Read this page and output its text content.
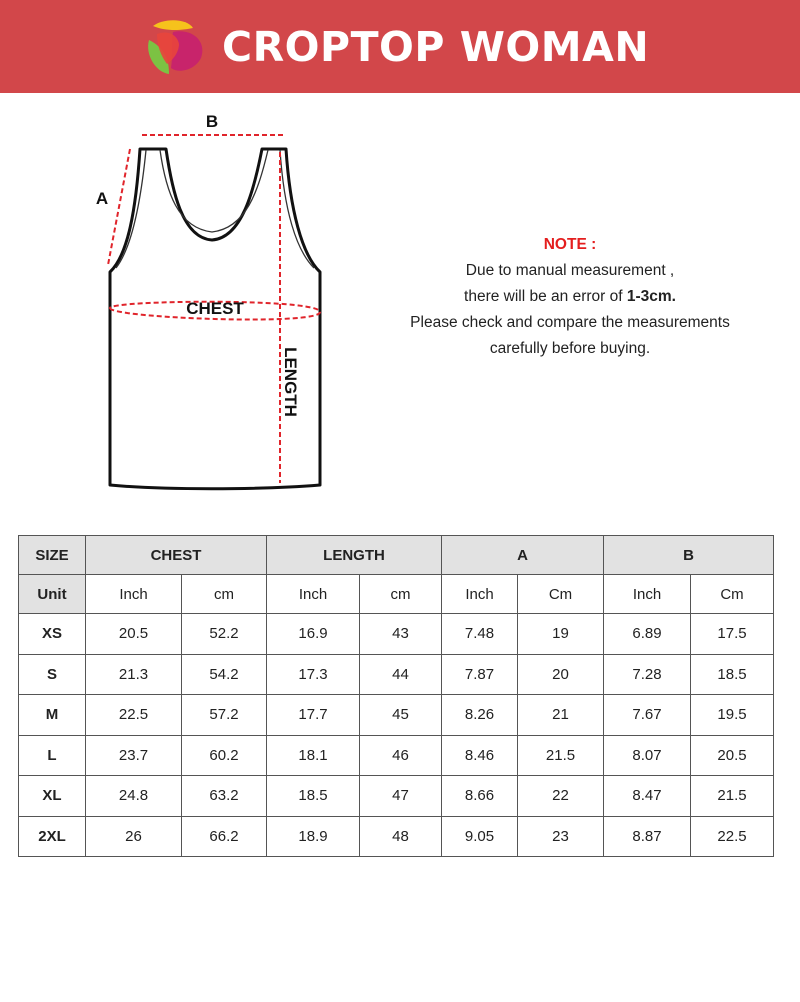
CROPTOP WOMAN
B
A
CHEST
LENGTH
NOTE :
Due to manual measurement ,
there will be an error of 1-3cm.
Please check and compare the measurements
carefully before buying.
SIZE	CHEST		LENGTH		A		B	
Unit	Inch	cm	Inch	cm	Inch	Cm	Inch	Cm
XS	20.5	52.2	16.9	43	7.48	19	6.89	17.5
S	21.3	54.2	17.3	44	7.87	20	7.28	18.5
M	22.5	57.2	17.7	45	8.26	21	7.67	19.5
L	23.7	60.2	18.1	46	8.46	21.5	8.07	20.5
XL	24.8	63.2	18.5	47	8.66	22	8.47	21.5
2XL	26	66.2	18.9	48	9.05	23	8.87	22.5
